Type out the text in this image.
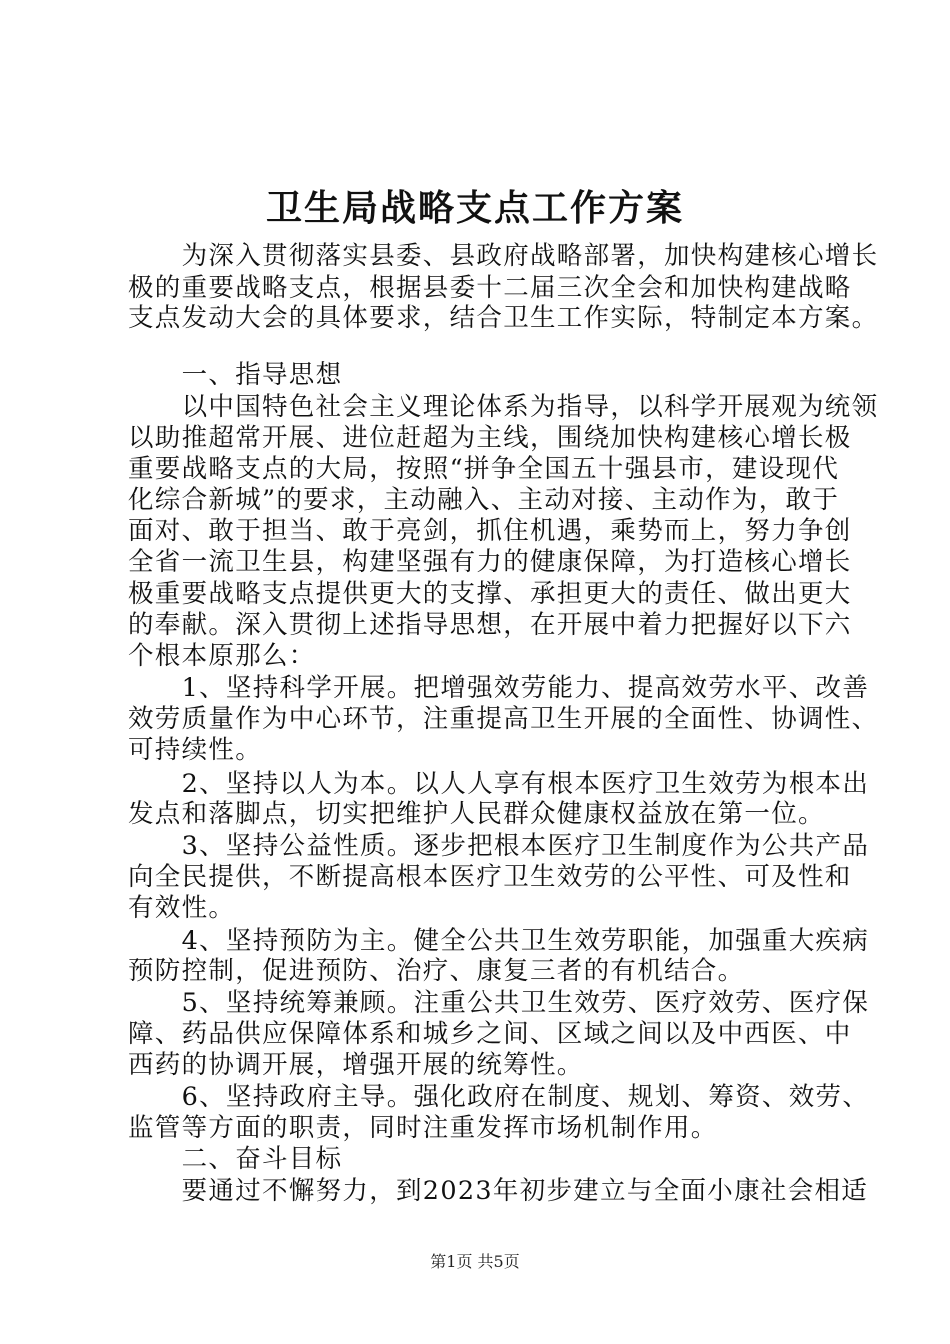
卫生局战略支点工作方案
　　为深入贯彻落实县委、县政府战略部署，加快构建核心增长
极的重要战略支点，根据县委十二届三次全会和加快构建战略
支点发动大会的具体要求，结合卫生工作实际，特制定本方案。
　　一、指导思想
　　以中国特色社会主义理论体系为指导，以科学开展观为统领
以助推超常开展、进位赶超为主线，围绕加快构建核心增长极
重要战略支点的大局，按照“拼争全国五十强县市，建设现代
化综合新城”的要求，主动融入、主动对接、主动作为，敢于
面对、敢于担当、敢于亮剑，抓住机遇，乘势而上，努力争创
全省一流卫生县，构建坚强有力的健康保障，为打造核心增长
极重要战略支点提供更大的支撑、承担更大的责任、做出更大
的奉献。深入贯彻上述指导思想，在开展中着力把握好以下六
个根本原那么：
　　1、坚持科学开展。把增强效劳能力、提高效劳水平、改善
效劳质量作为中心环节，注重提高卫生开展的全面性、协调性、
可持续性。
　　2、坚持以人为本。以人人享有根本医疗卫生效劳为根本出
发点和落脚点，切实把维护人民群众健康权益放在第一位。
　　3、坚持公益性质。逐步把根本医疗卫生制度作为公共产品
向全民提供，不断提高根本医疗卫生效劳的公平性、可及性和
有效性。
　　4、坚持预防为主。健全公共卫生效劳职能，加强重大疾病
预防控制，促进预防、治疗、康复三者的有机结合。
　　5、坚持统筹兼顾。注重公共卫生效劳、医疗效劳、医疗保
障、药品供应保障体系和城乡之间、区域之间以及中西医、中
西药的协调开展，增强开展的统筹性。
　　6、坚持政府主导。强化政府在制度、规划、筹资、效劳、
监管等方面的职责，同时注重发挥市场机制作用。
　　二、奋斗目标
　　要通过不懈努力，到2023年初步建立与全面小康社会相适
第1页 共5页
